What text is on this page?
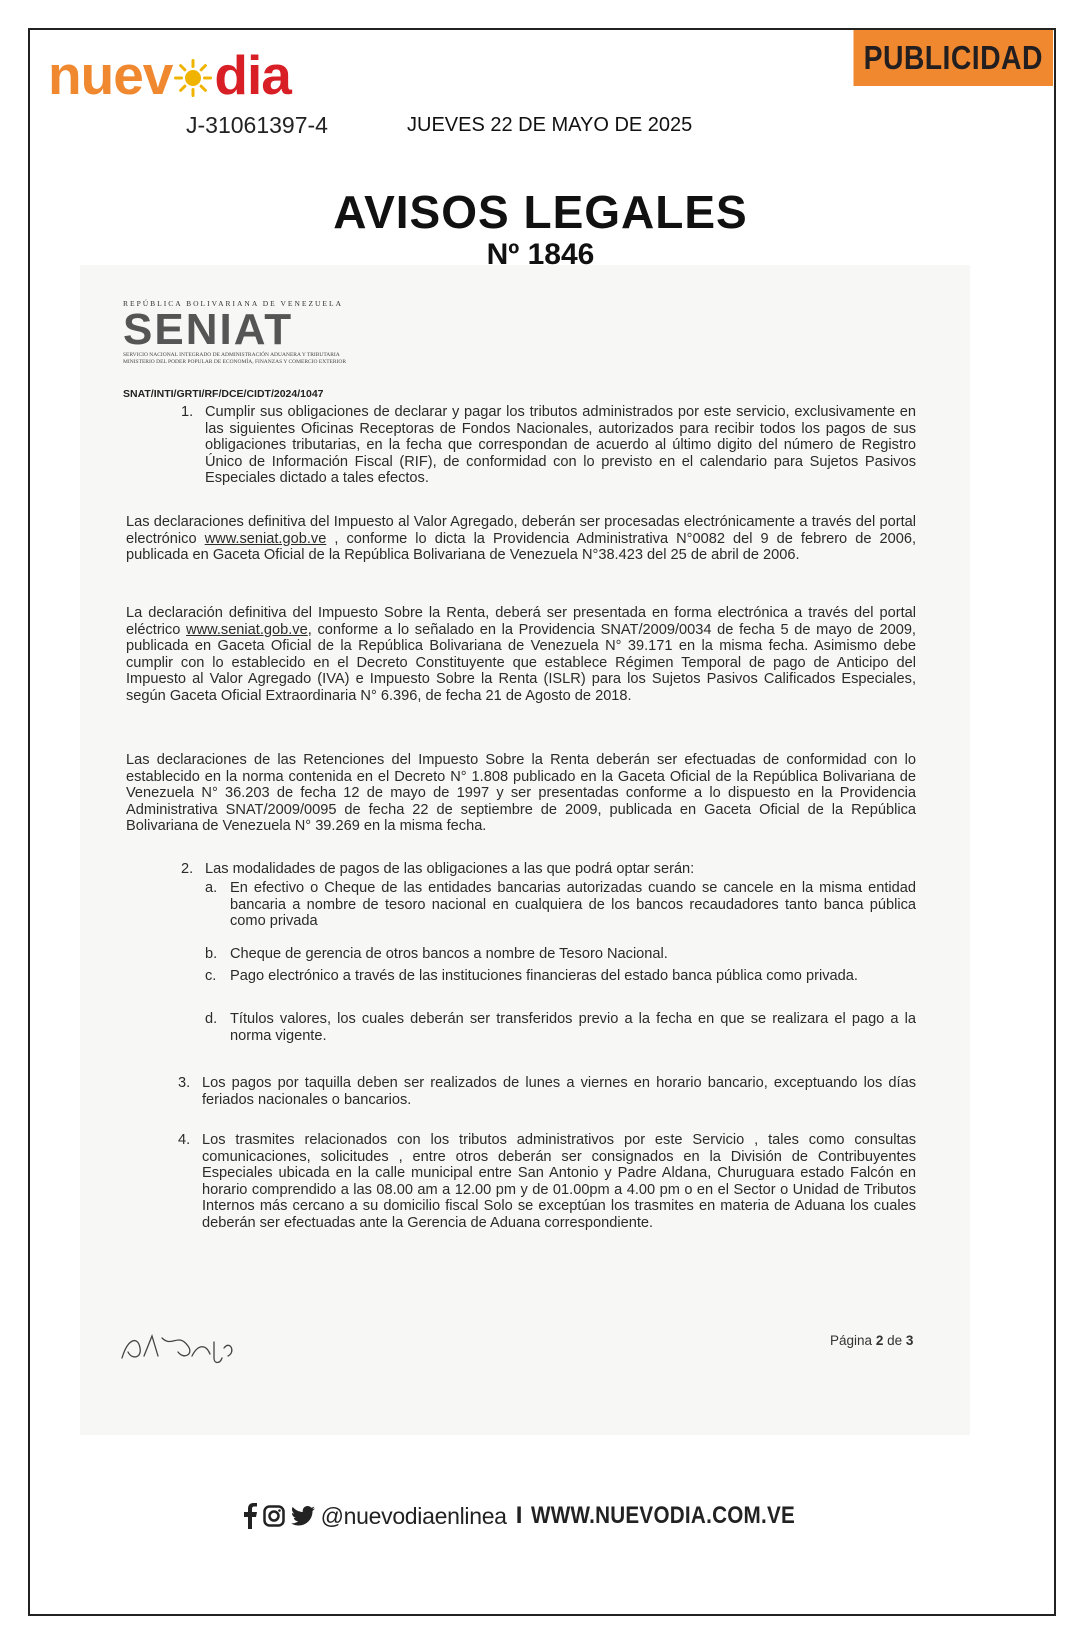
PUBLICIDAD
nuev dia
J-31061397-4	JUEVES 22 DE MAYO DE 2025
AVISOS LEGALES
Nº 1846
REPÚBLICA BOLIVARIANA DE VENEZUELA
SENIAT
SERVICIO NACIONAL INTEGRADO DE ADMINISTRACIÓN ADUANERA Y TRIBUTARIA
MINISTERIO DEL PODER POPULAR DE ECONOMÍA, FINANZAS Y COMERCIO EXTERIOR
SNAT/INTI/GRTI/RF/DCE/CIDT/2024/1047
1. Cumplir sus obligaciones de declarar y pagar los tributos administrados por este servicio, exclusivamente en las siguientes Oficinas Receptoras de Fondos Nacionales, autorizados para recibir todos los pagos de sus obligaciones tributarias, en la fecha que correspondan de acuerdo al último digito del número de Registro Único de Información Fiscal (RIF), de conformidad con lo previsto en el calendario para Sujetos Pasivos Especiales dictado a tales efectos.
Las declaraciones definitiva del Impuesto al Valor Agregado, deberán ser procesadas electrónicamente a través del portal electrónico www.seniat.gob.ve , conforme lo dicta la Providencia Administrativa N°0082 del 9 de febrero de 2006, publicada en Gaceta Oficial de la República Bolivariana de Venezuela N°38.423 del 25 de abril de 2006.
La declaración definitiva del Impuesto Sobre la Renta, deberá ser presentada en forma electrónica a través del portal eléctrico www.seniat.gob.ve, conforme a lo señalado en la Providencia SNAT/2009/0034 de fecha 5 de mayo de 2009, publicada en Gaceta Oficial de la República Bolivariana de Venezuela N° 39.171 en la misma fecha. Asimismo debe cumplir con lo establecido en el Decreto Constituyente que establece Régimen Temporal de pago de Anticipo del Impuesto al Valor Agregado (IVA) e Impuesto Sobre la Renta (ISLR) para los Sujetos Pasivos Calificados Especiales, según Gaceta Oficial Extraordinaria N° 6.396, de fecha 21 de Agosto de 2018.
Las declaraciones de las Retenciones del Impuesto Sobre la Renta deberán ser efectuadas de conformidad con lo establecido en la norma contenida en el Decreto N° 1.808 publicado en la Gaceta Oficial de la República Bolivariana de Venezuela N° 36.203 de fecha 12 de mayo de 1997 y ser presentadas conforme a lo dispuesto en la Providencia Administrativa SNAT/2009/0095 de fecha 22 de septiembre de 2009, publicada en Gaceta Oficial de la República Bolivariana de Venezuela N° 39.269 en la misma fecha.
2. Las modalidades de pagos de las obligaciones a las que podrá optar serán:
a. En efectivo o Cheque de las entidades bancarias autorizadas cuando se cancele en la misma entidad bancaria a nombre de tesoro nacional en cualquiera de los bancos recaudadores tanto banca pública como privada
b. Cheque de gerencia de otros bancos a nombre de Tesoro Nacional.
c. Pago electrónico a través de las instituciones financieras del estado banca pública como privada.
d. Títulos valores, los cuales deberán ser transferidos previo a la fecha en que se realizara el pago a la norma vigente.
3. Los pagos por taquilla deben ser realizados de lunes a viernes en horario bancario, exceptuando los días feriados nacionales o bancarios.
4. Los trasmites relacionados con los tributos administrativos por este Servicio , tales como consultas comunicaciones, solicitudes , entre otros deberán ser consignados en la División de Contribuyentes Especiales ubicada en la calle municipal entre San Antonio y Padre Aldana, Churuguara estado Falcón en horario comprendido a las 08.00 am a 12.00 pm y de 01.00pm a 4.00 pm o en el Sector o Unidad de Tributos Internos más cercano a su domicilio fiscal Solo se exceptúan los trasmites en materia de Aduana los cuales deberán ser efectuadas ante la Gerencia de Aduana correspondiente.
Página 2 de 3
@nuevodiaenlinea I WWW.NUEVODIA.COM.VE
